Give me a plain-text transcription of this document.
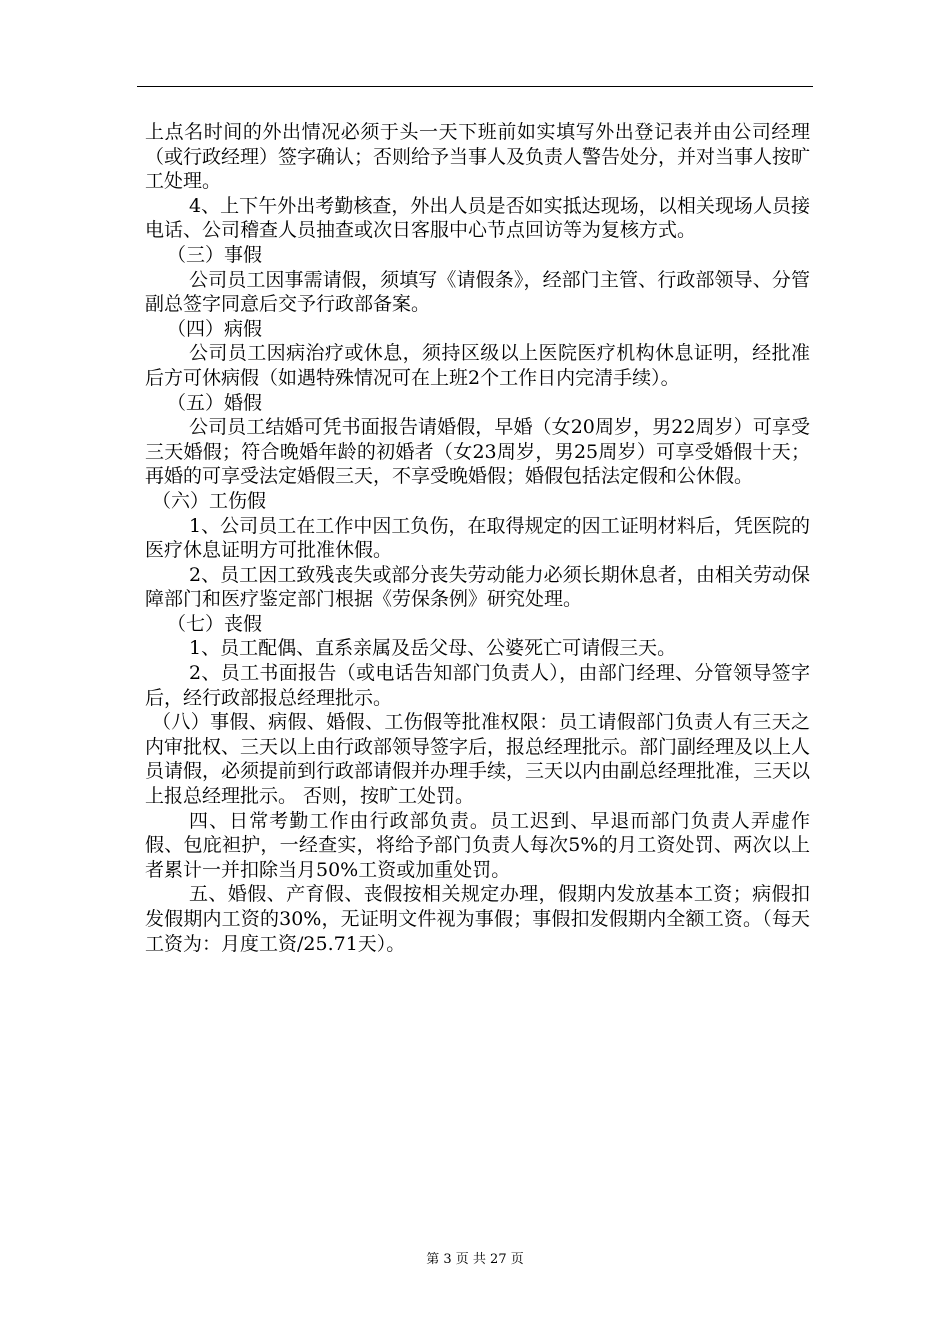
上点名时间的外出情况必须于头一天下班前如实填写外出登记表并由公司经理（或行政经理）签字确认；否则给予当事人及负责人警告处分，并对当事人按旷工处理。

4、上下午外出考勤核查，外出人员是否如实抵达现场，以相关现场人员接电话、公司稽查人员抽查或次日客服中心节点回访等为复核方式。

（三）事假

公司员工因事需请假，须填写《请假条》，经部门主管、行政部领导、分管副总签字同意后交予行政部备案。

（四）病假

公司员工因病治疗或休息，须持区级以上医院医疗机构休息证明，经批准后方可休病假（如遇特殊情况可在上班2个工作日内完清手续）。

（五）婚假

公司员工结婚可凭书面报告请婚假，早婚（女20周岁，男22周岁）可享受三天婚假；符合晚婚年龄的初婚者（女23周岁，男25周岁）可享受婚假十天；再婚的可享受法定婚假三天，不享受晚婚假；婚假包括法定假和公休假。

（六）工伤假

1、公司员工在工作中因工负伤，在取得规定的因工证明材料后，凭医院的医疗休息证明方可批准休假。

2、员工因工致残丧失或部分丧失劳动能力必须长期休息者，由相关劳动保障部门和医疗鉴定部门根据《劳保条例》研究处理。

（七）丧假

1、员工配偶、直系亲属及岳父母、公婆死亡可请假三天。

2、员工书面报告（或电话告知部门负责人），由部门经理、分管领导签字后，经行政部报总经理批示。

（八）事假、病假、婚假、工伤假等批准权限：员工请假部门负责人有三天之内审批权、三天以上由行政部领导签字后，报总经理批示。部门副经理及以上人员请假，必须提前到行政部请假并办理手续，三天以内由副总经理批准，三天以上报总经理批示。 否则，按旷工处罚。

四、日常考勤工作由行政部负责。员工迟到、早退而部门负责人弄虚作假、包庇袒护，一经查实，将给予部门负责人每次5%的月工资处罚、两次以上者累计一并扣除当月50%工资或加重处罚。

五、婚假、产育假、丧假按相关规定办理，假期内发放基本工资；病假扣发假期内工资的30%，无证明文件视为事假；事假扣发假期内全额工资。（每天工资为：月度工资/25.71天）。

第 3 页 共 27 页
